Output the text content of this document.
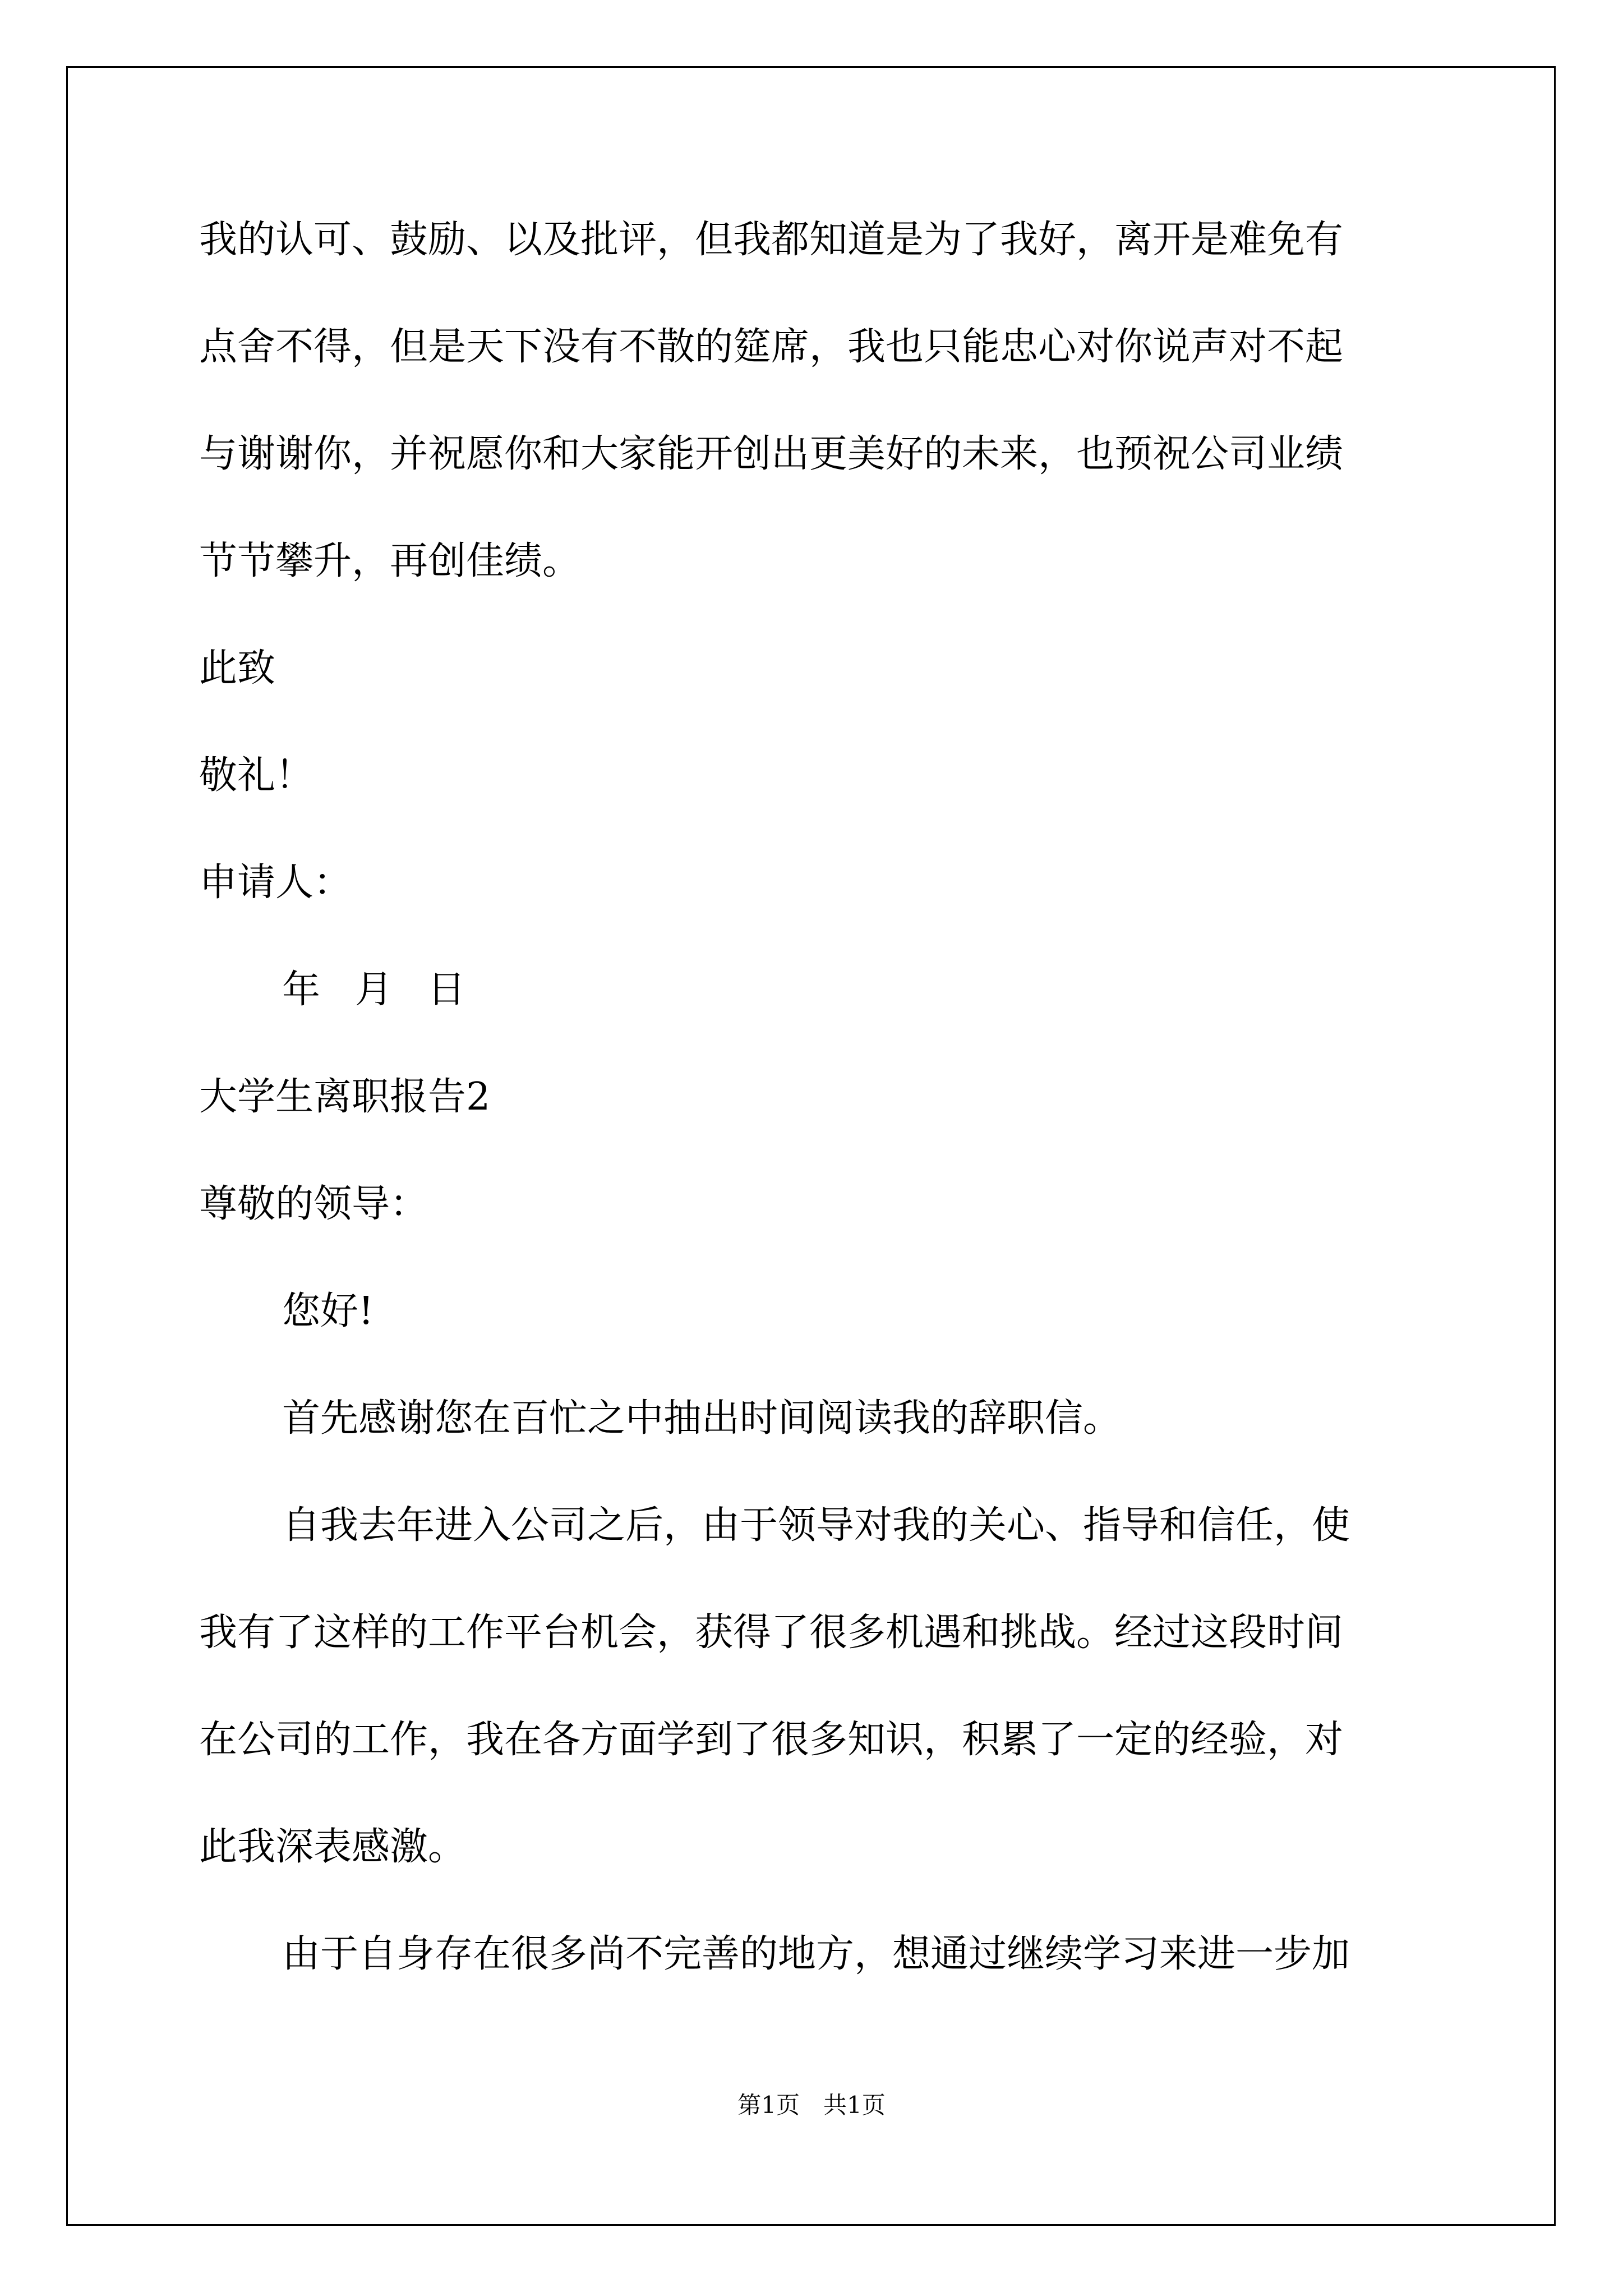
我的认可、鼓励、以及批评，但我都知道是为了我好，离开是难免有
点舍不得，但是天下没有不散的筵席，我也只能忠心对你说声对不起
与谢谢你，并祝愿你和大家能开创出更美好的未来，也预祝公司业绩
节节攀升，再创佳绩。
此致
敬礼！
申请人：
年 月 日
大学生离职报告2
尊敬的领导：
您好!
首先感谢您在百忙之中抽出时间阅读我的辞职信。
自我去年进入公司之后，由于领导对我的关心、指导和信任，使
我有了这样的工作平台机会，获得了很多机遇和挑战。经过这段时间
在公司的工作，我在各方面学到了很多知识，积累了一定的经验，对
此我深表感激。
由于自身存在很多尚不完善的地方，想通过继续学习来进一步加
第1页　共1页
